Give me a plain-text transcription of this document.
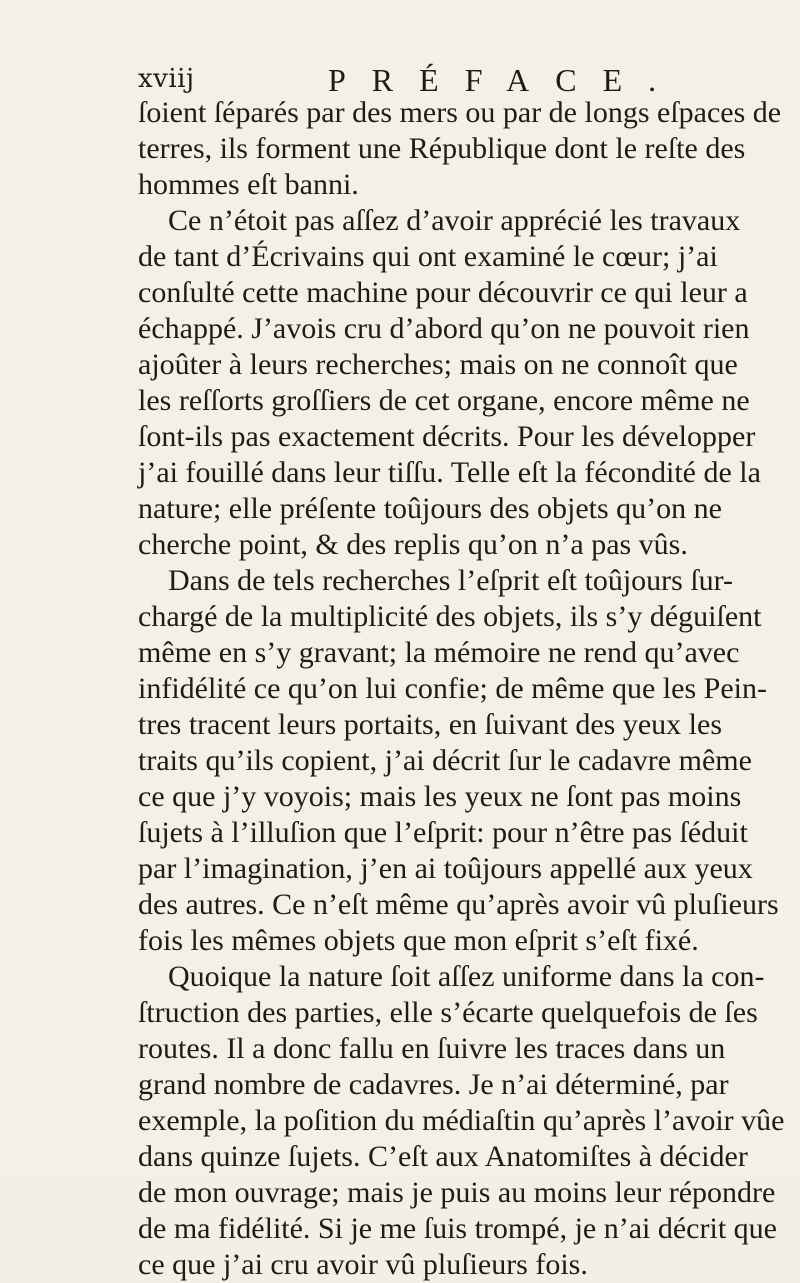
xviij	PRÉFACE.
ſoient ſéparés par des mers ou par de longs eſpaces de
terres, ils forment une République dont le reſte des
hommes eſt banni.
Ce n’étoit pas aſſez d’avoir apprécié les travaux
de tant d’Écrivains qui ont examiné le cœur; j’ai
conſulté cette machine pour découvrir ce qui leur a
échappé. J’avois cru d’abord qu’on ne pouvoit rien
ajoûter à leurs recherches; mais on ne connoît que
les reſſorts groſſiers de cet organe, encore même ne
ſont-ils pas exactement décrits. Pour les développer
j’ai fouillé dans leur tiſſu. Telle eſt la fécondité de la
nature; elle préſente toûjours des objets qu’on ne
cherche point, & des replis qu’on n’a pas vûs.
Dans de tels recherches l’eſprit eſt toûjours ſur-
chargé de la multiplicité des objets, ils s’y déguiſent
même en s’y gravant; la mémoire ne rend qu’avec
infidélité ce qu’on lui confie; de même que les Pein-
tres tracent leurs portaits, en ſuivant des yeux les
traits qu’ils copient, j’ai décrit ſur le cadavre même
ce que j’y voyois; mais les yeux ne ſont pas moins
ſujets à l’illuſion que l’eſprit: pour n’être pas ſéduit
par l’imagination, j’en ai toûjours appellé aux yeux
des autres. Ce n’eſt même qu’après avoir vû pluſieurs
fois les mêmes objets que mon eſprit s’eſt fixé.
Quoique la nature ſoit aſſez uniforme dans la con-
ſtruction des parties, elle s’écarte quelquefois de ſes
routes. Il a donc fallu en ſuivre les traces dans un
grand nombre de cadavres. Je n’ai déterminé, par
exemple, la poſition du médiaſtin qu’après l’avoir vûe
dans quinze ſujets. C’eſt aux Anatomiſtes à décider
de mon ouvrage; mais je puis au moins leur répondre
de ma fidélité. Si je me ſuis trompé, je n’ai décrit que
ce que j’ai cru avoir vû pluſieurs fois.
